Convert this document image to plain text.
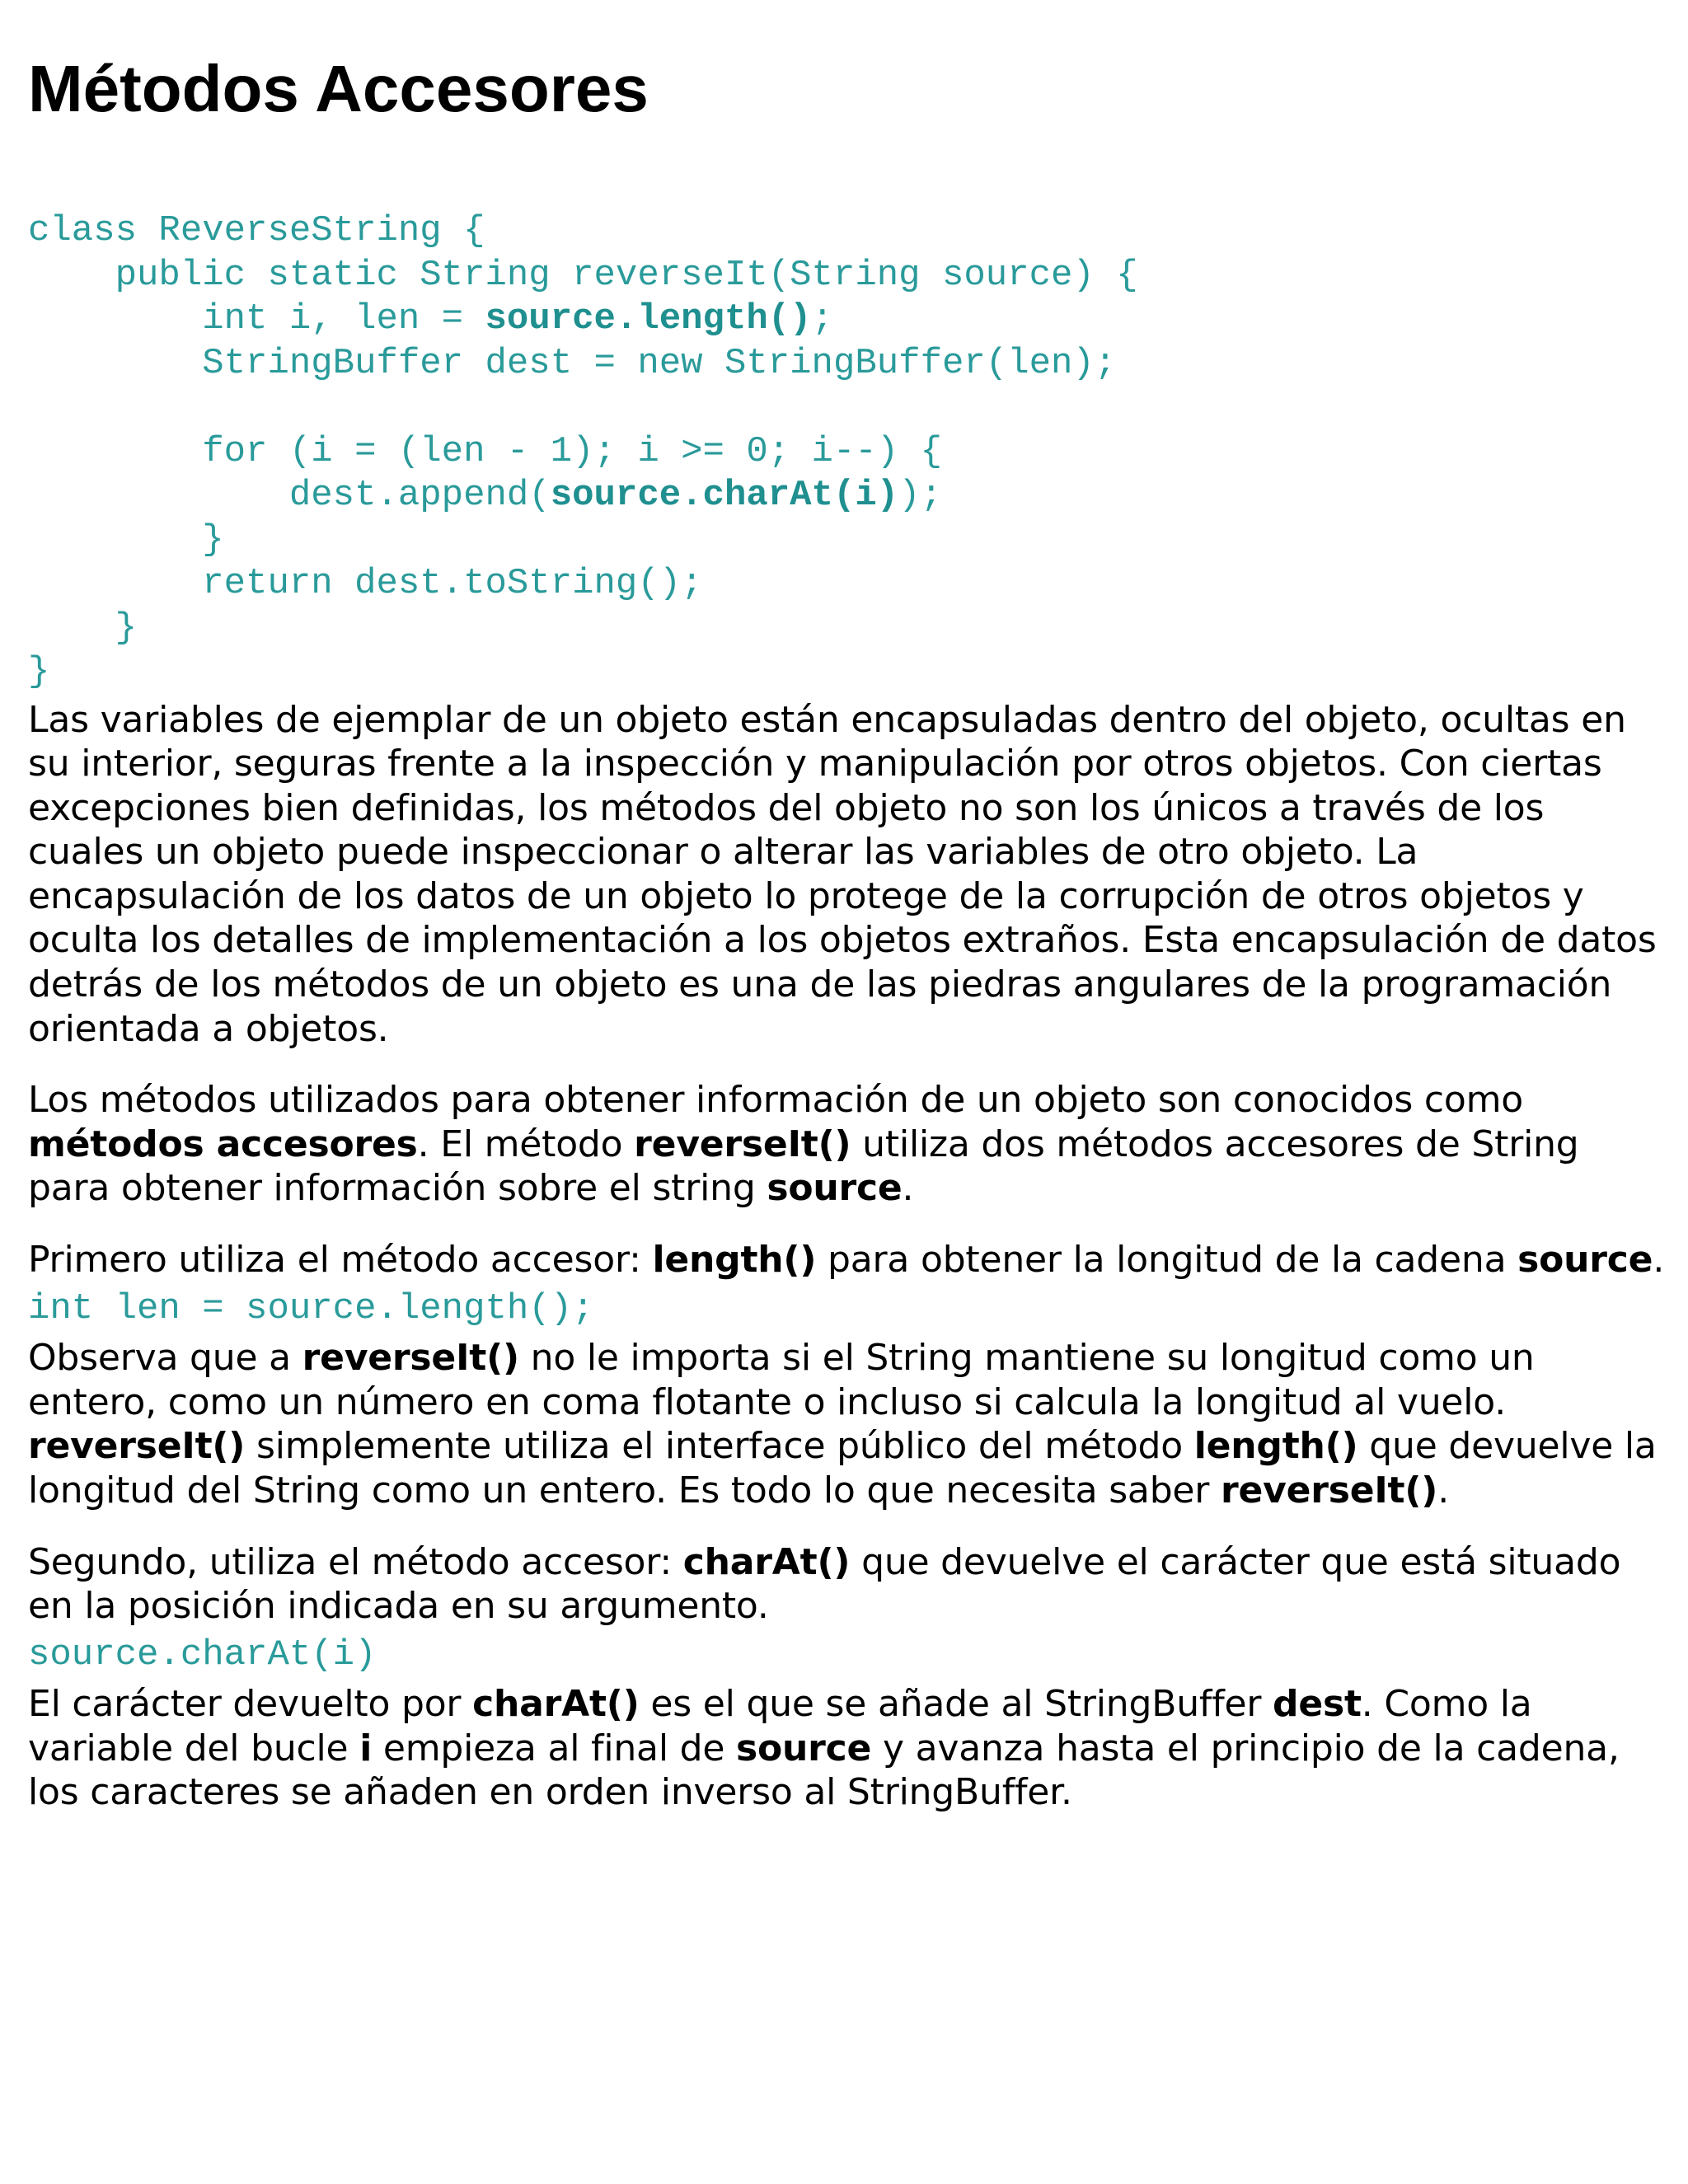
Métodos Accesores
class ReverseString {
public static String reverseIt(String source) {
int i, len = source.length();
StringBuffer dest = new StringBuffer(len);
for (i = (len - 1); i >= 0; i--) {
dest.append(source.charAt(i));
}
return dest.toString();
}
}

Las variables de ejemplar de un objeto están encapsuladas dentro del objeto, ocultas en su interior, seguras frente a la inspección y manipulación por otros objetos. Con ciertas excepciones bien definidas, los métodos del objeto no son los únicos a través de los cuales un objeto puede inspeccionar o alterar las variables de otro objeto. La encapsulación de los datos de un objeto lo protege de la corrupción de otros objetos y oculta los detalles de implementación a los objetos extraños. Esta encapsulación de datos detrás de los métodos de un objeto es una de las piedras angulares de la programación orientada a objetos.

Los métodos utilizados para obtener información de un objeto son conocidos como métodos accesores. El método reverseIt() utiliza dos métodos accesores de String para obtener información sobre el string source.

Primero utiliza el método accesor: length() para obtener la longitud de la cadena source.

int len = source.length();

Observa que a reverseIt() no le importa si el String mantiene su longitud como un entero, como un número en coma flotante o incluso si calcula la longitud al vuelo. reverseIt() simplemente utiliza el interface público del método length() que devuelve la longitud del String como un entero. Es todo lo que necesita saber reverseIt().

Segundo, utiliza el método accesor: charAt() que devuelve el carácter que está situado en la posición indicada en su argumento.

source.charAt(i)

El carácter devuelto por charAt() es el que se añade al StringBuffer dest. Como la variable del bucle i empieza al final de source y avanza hasta el principio de la cadena, los caracteres se añaden en orden inverso al StringBuffer.
